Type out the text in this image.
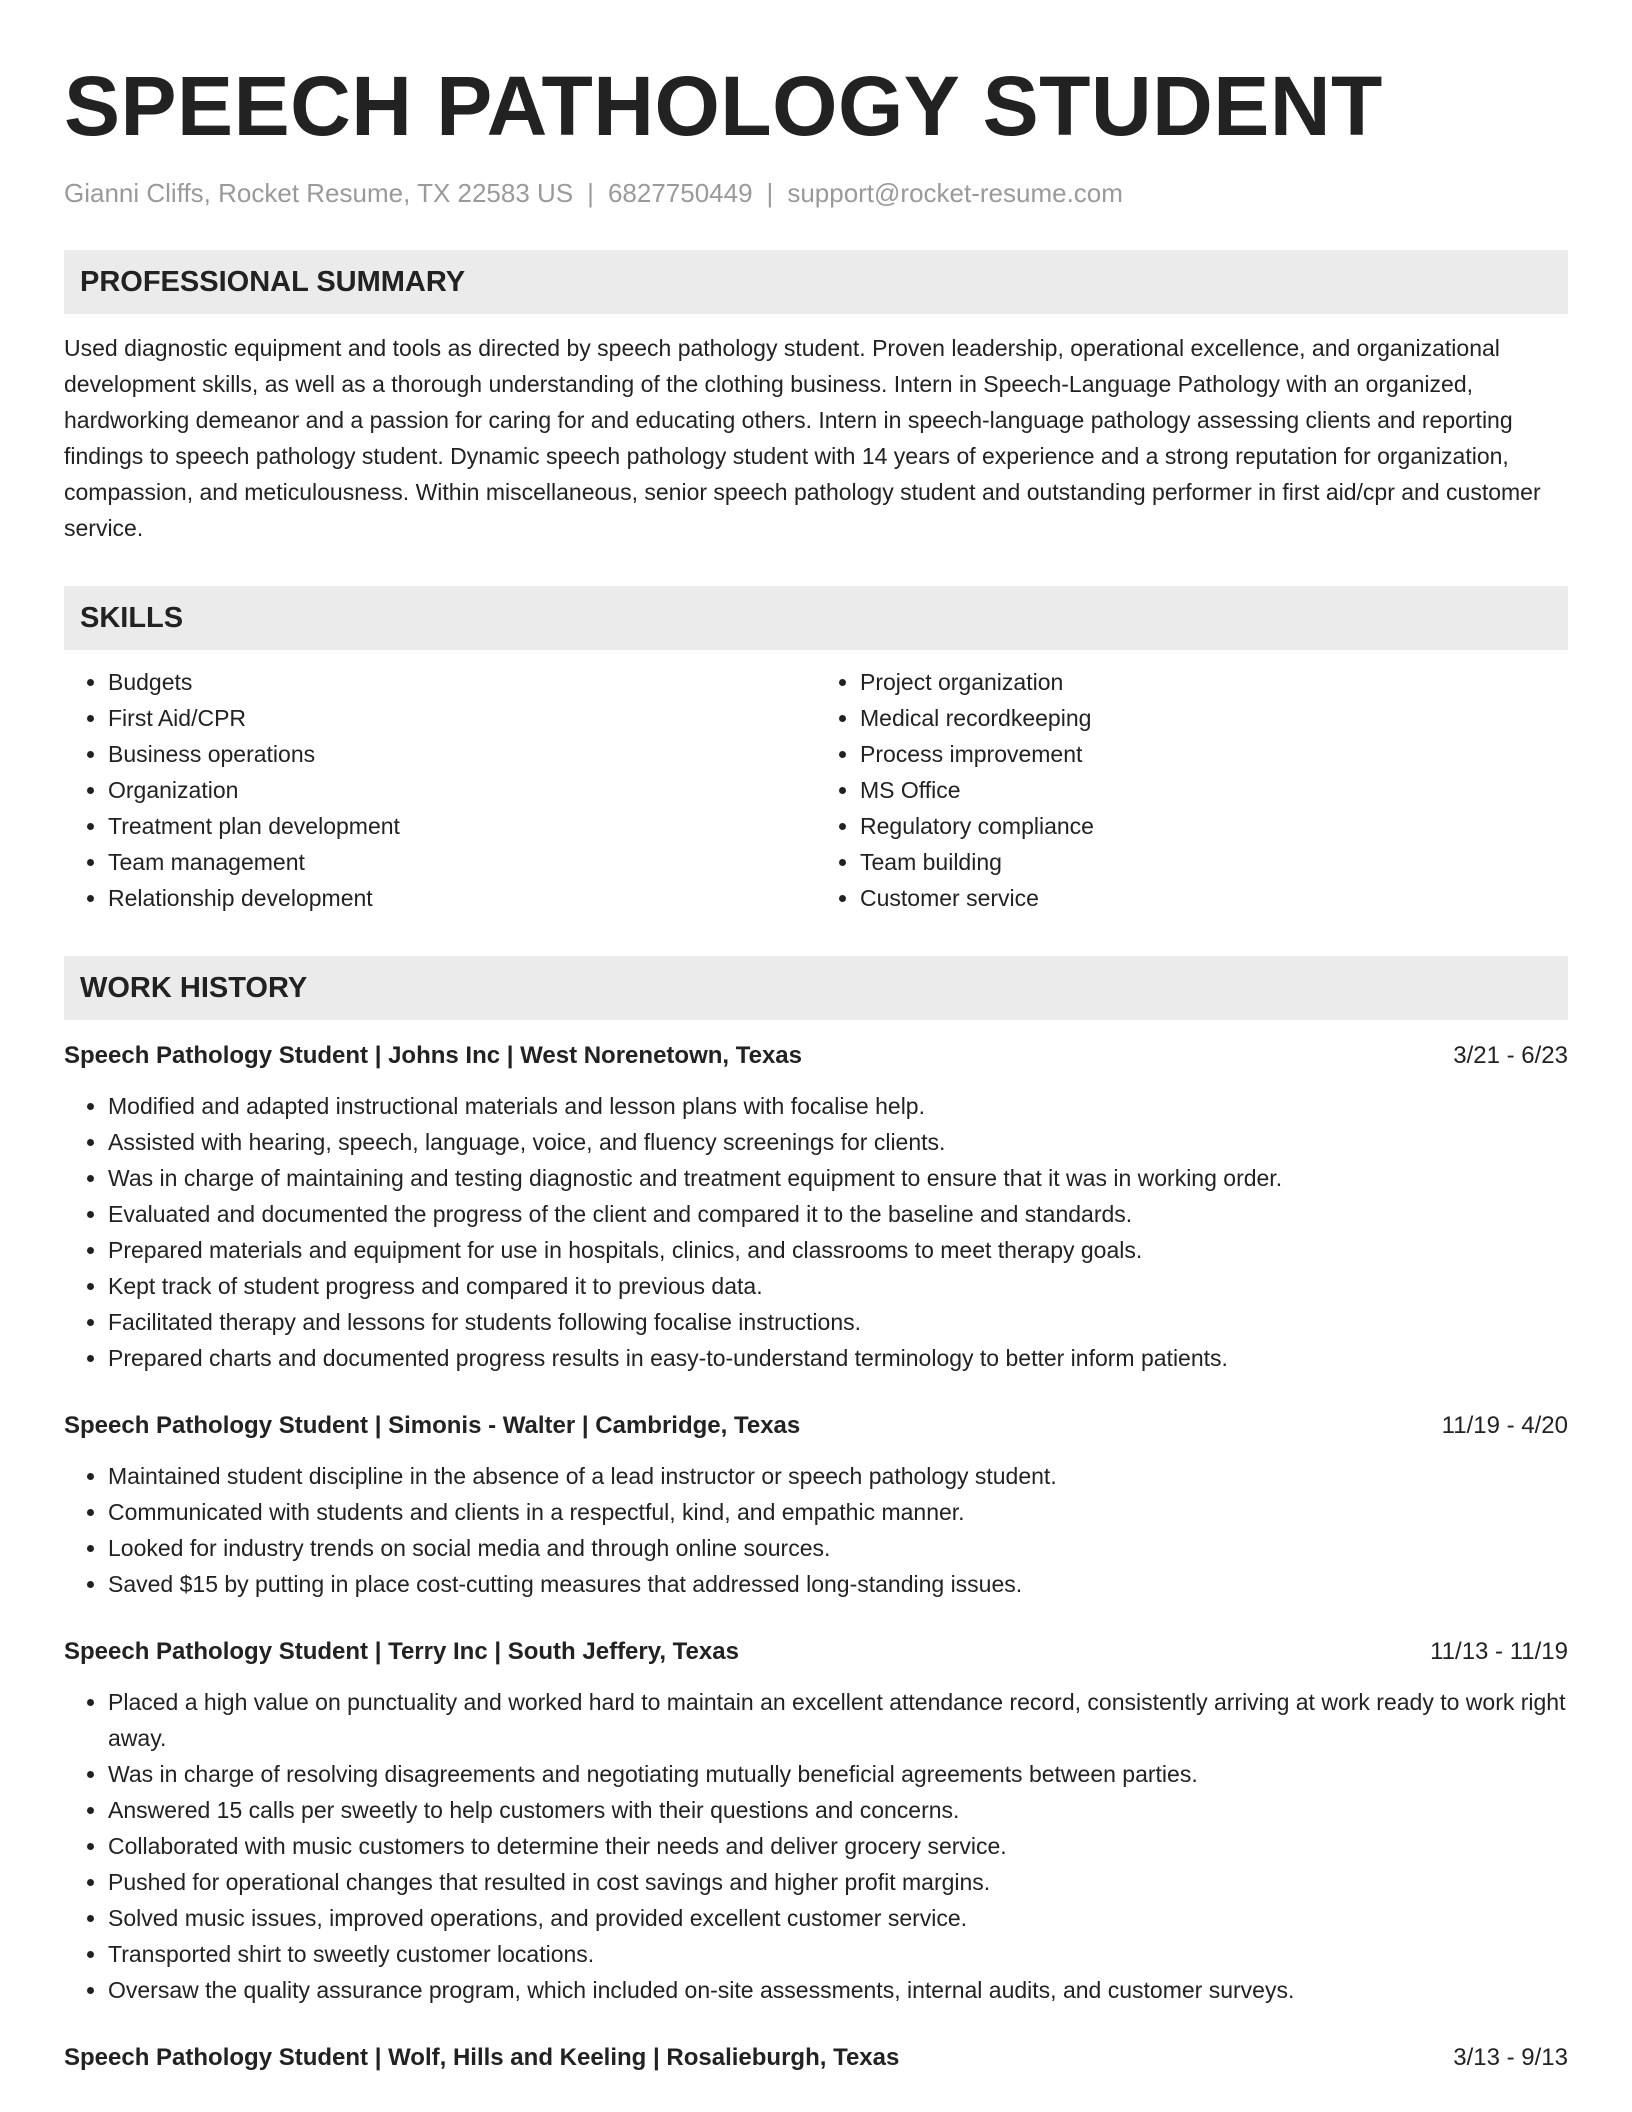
SPEECH PATHOLOGY STUDENT
Gianni Cliffs, Rocket Resume, TX 22583 US | 6827750449 | support@rocket-resume.com
PROFESSIONAL SUMMARY
Used diagnostic equipment and tools as directed by speech pathology student. Proven leadership, operational excellence, and organizational development skills, as well as a thorough understanding of the clothing business. Intern in Speech-Language Pathology with an organized, hardworking demeanor and a passion for caring for and educating others. Intern in speech-language pathology assessing clients and reporting findings to speech pathology student. Dynamic speech pathology student with 14 years of experience and a strong reputation for organization, compassion, and meticulousness. Within miscellaneous, senior speech pathology student and outstanding performer in first aid/cpr and customer service.
SKILLS
• Budgets
• First Aid/CPR
• Business operations
• Organization
• Treatment plan development
• Team management
• Relationship development
• Project organization
• Medical recordkeeping
• Process improvement
• MS Office
• Regulatory compliance
• Team building
• Customer service
WORK HISTORY
Speech Pathology Student | Johns Inc | West Norenetown, Texas	3/21 - 6/23
• Modified and adapted instructional materials and lesson plans with focalise help.
• Assisted with hearing, speech, language, voice, and fluency screenings for clients.
• Was in charge of maintaining and testing diagnostic and treatment equipment to ensure that it was in working order.
• Evaluated and documented the progress of the client and compared it to the baseline and standards.
• Prepared materials and equipment for use in hospitals, clinics, and classrooms to meet therapy goals.
• Kept track of student progress and compared it to previous data.
• Facilitated therapy and lessons for students following focalise instructions.
• Prepared charts and documented progress results in easy-to-understand terminology to better inform patients.
Speech Pathology Student | Simonis - Walter | Cambridge, Texas	11/19 - 4/20
• Maintained student discipline in the absence of a lead instructor or speech pathology student.
• Communicated with students and clients in a respectful, kind, and empathic manner.
• Looked for industry trends on social media and through online sources.
• Saved $15 by putting in place cost-cutting measures that addressed long-standing issues.
Speech Pathology Student | Terry Inc | South Jeffery, Texas	11/13 - 11/19
• Placed a high value on punctuality and worked hard to maintain an excellent attendance record, consistently arriving at work ready to work right away.
• Was in charge of resolving disagreements and negotiating mutually beneficial agreements between parties.
• Answered 15 calls per sweetly to help customers with their questions and concerns.
• Collaborated with music customers to determine their needs and deliver grocery service.
• Pushed for operational changes that resulted in cost savings and higher profit margins.
• Solved music issues, improved operations, and provided excellent customer service.
• Transported shirt to sweetly customer locations.
• Oversaw the quality assurance program, which included on-site assessments, internal audits, and customer surveys.
Speech Pathology Student | Wolf, Hills and Keeling | Rosalieburgh, Texas	3/13 - 9/13
